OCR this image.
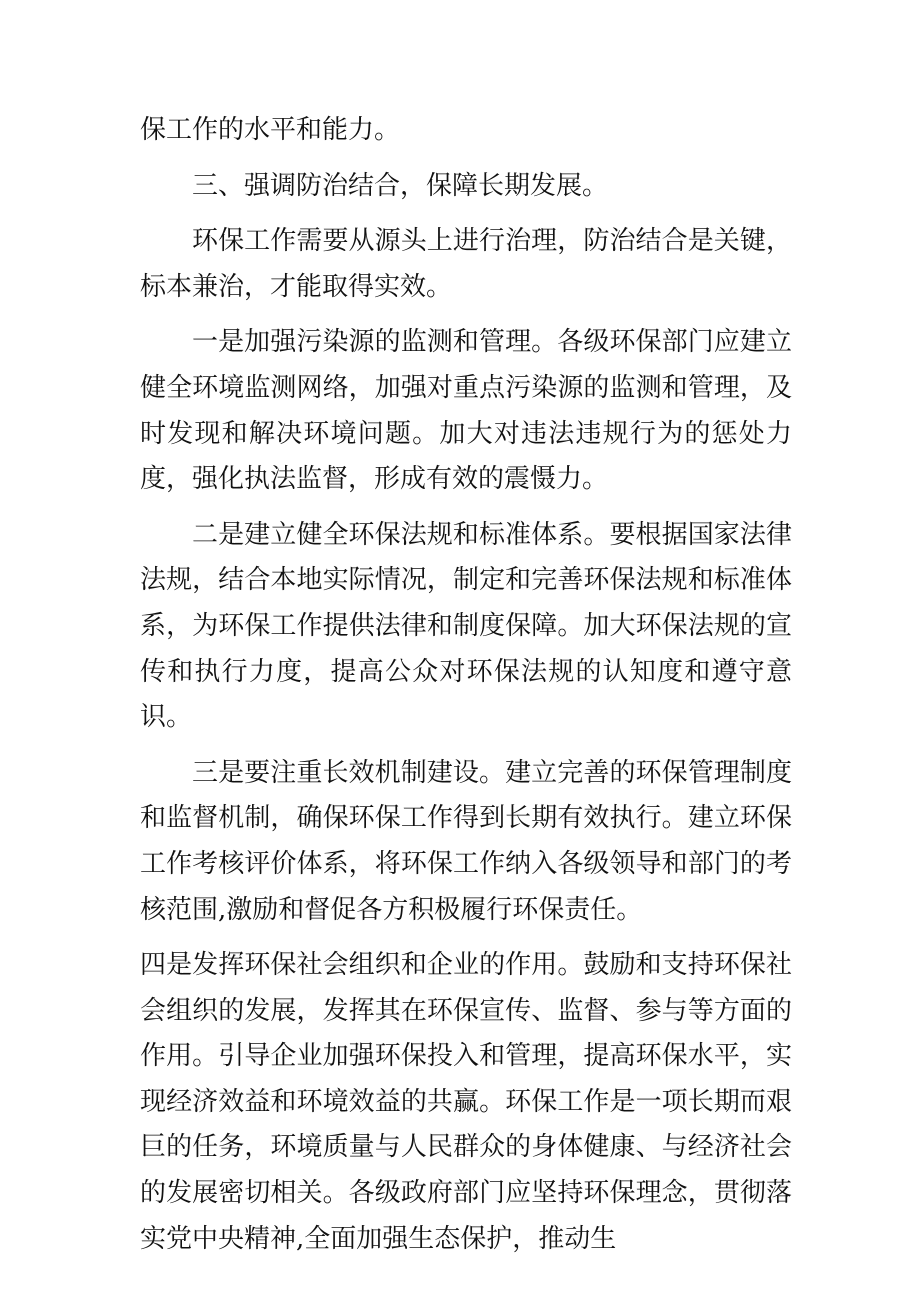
保工作的水平和能力。

三、强调防治结合，保障长期发展。

环保工作需要从源头上进行治理，防治结合是关键，标本兼治，才能取得实效。

一是加强污染源的监测和管理。各级环保部门应建立健全环境监测网络，加强对重点污染源的监测和管理，及时发现和解决环境问题。加大对违法违规行为的惩处力度，强化执法监督，形成有效的震慑力。

二是建立健全环保法规和标准体系。要根据国家法律法规，结合本地实际情况，制定和完善环保法规和标准体系，为环保工作提供法律和制度保障。加大环保法规的宣传和执行力度，提高公众对环保法规的认知度和遵守意识。

三是要注重长效机制建设。建立完善的环保管理制度和监督机制，确保环保工作得到长期有效执行。建立环保工作考核评价体系，将环保工作纳入各级领导和部门的考核范围,激励和督促各方积极履行环保责任。

四是发挥环保社会组织和企业的作用。鼓励和支持环保社会组织的发展，发挥其在环保宣传、监督、参与等方面的作用。引导企业加强环保投入和管理，提高环保水平，实现经济效益和环境效益的共赢。环保工作是一项长期而艰巨的任务，环境质量与人民群众的身体健康、与经济社会的发展密切相关。各级政府部门应坚持环保理念，贯彻落实党中央精神,全面加强生态保护，推动生
